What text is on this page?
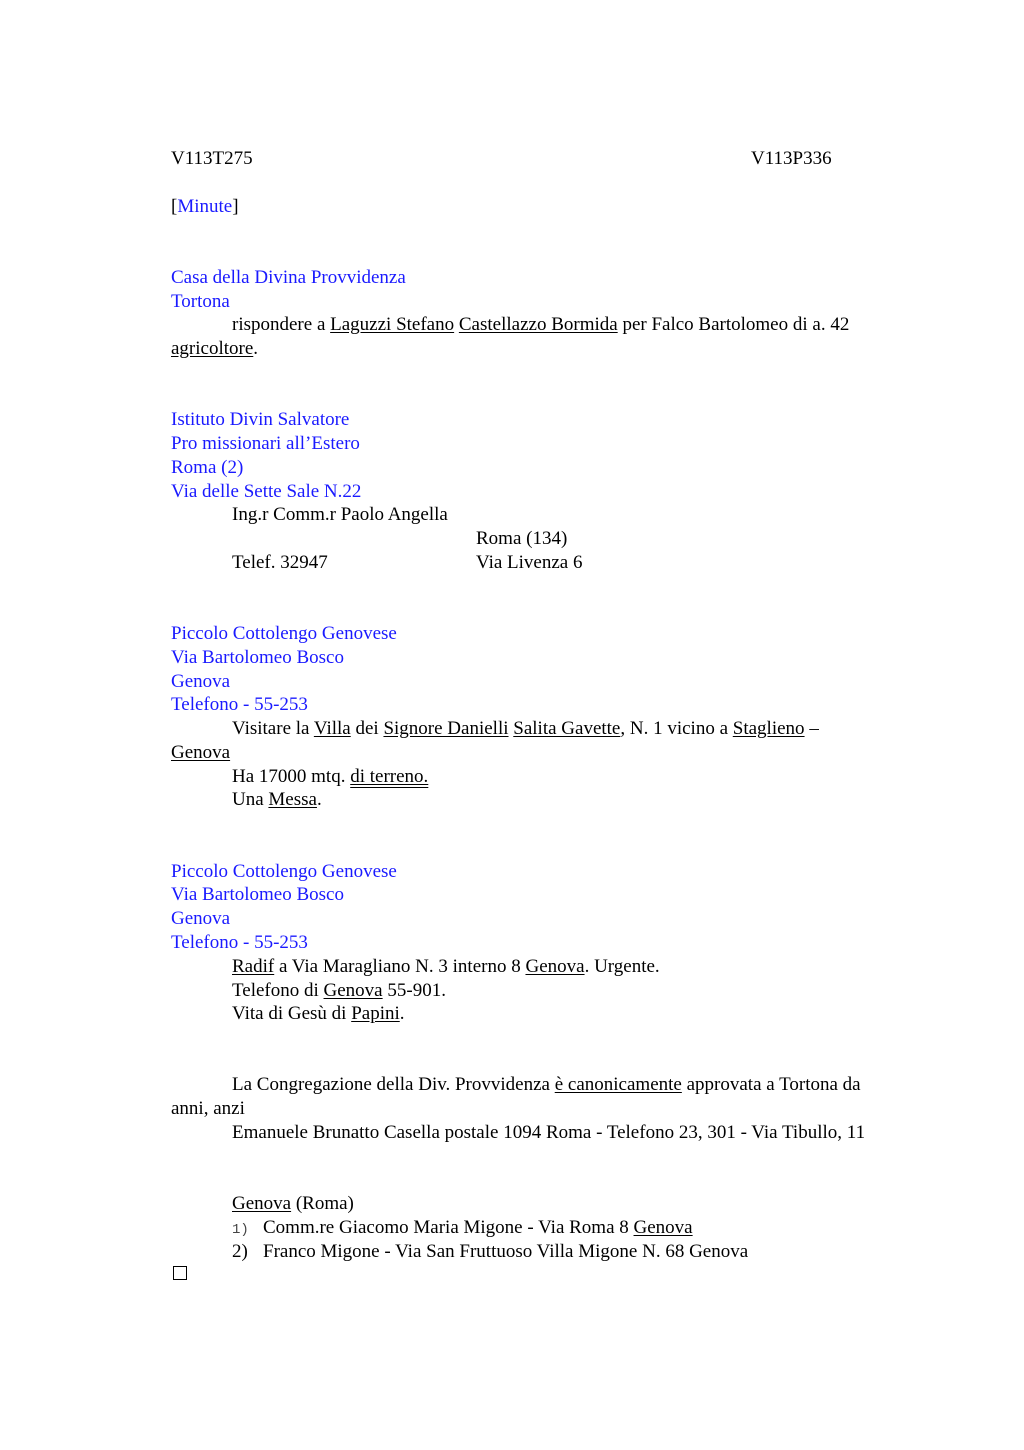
V113T275	V113P336
[Minute]
Casa della Divina Provvidenza
Tortona
rispondere a Laguzzi Stefano Castellazzo Bormida per Falco Bartolomeo di a. 42
agricoltore.
Istituto Divin Salvatore
Pro missionari all’Estero
Roma (2)
Via delle Sette Sale N.22
Ing.r Comm.r Paolo Angella
Roma (134)
Telef. 32947	Via Livenza 6
Piccolo Cottolengo Genovese
Via Bartolomeo Bosco
Genova
Telefono - 55-253
Visitare la Villa dei Signore Danielli Salita Gavette, N. 1 vicino a Staglieno –
Genova
Ha 17000 mtq. di terreno.
Una Messa.
Piccolo Cottolengo Genovese
Via Bartolomeo Bosco
Genova
Telefono - 55-253
Radif a Via Maragliano N. 3 interno 8 Genova. Urgente.
Telefono di Genova 55-901.
Vita di Gesù di Papini.
La Congregazione della Div. Provvidenza è canonicamente approvata a Tortona da
anni, anzi
Emanuele Brunatto Casella postale 1094 Roma - Telefono 23, 301 - Via Tibullo, 11
Genova (Roma)
1) Comm.re Giacomo Maria Migone - Via Roma 8 Genova
2) Franco Migone - Via San Fruttuoso Villa Migone N. 68 Genova
